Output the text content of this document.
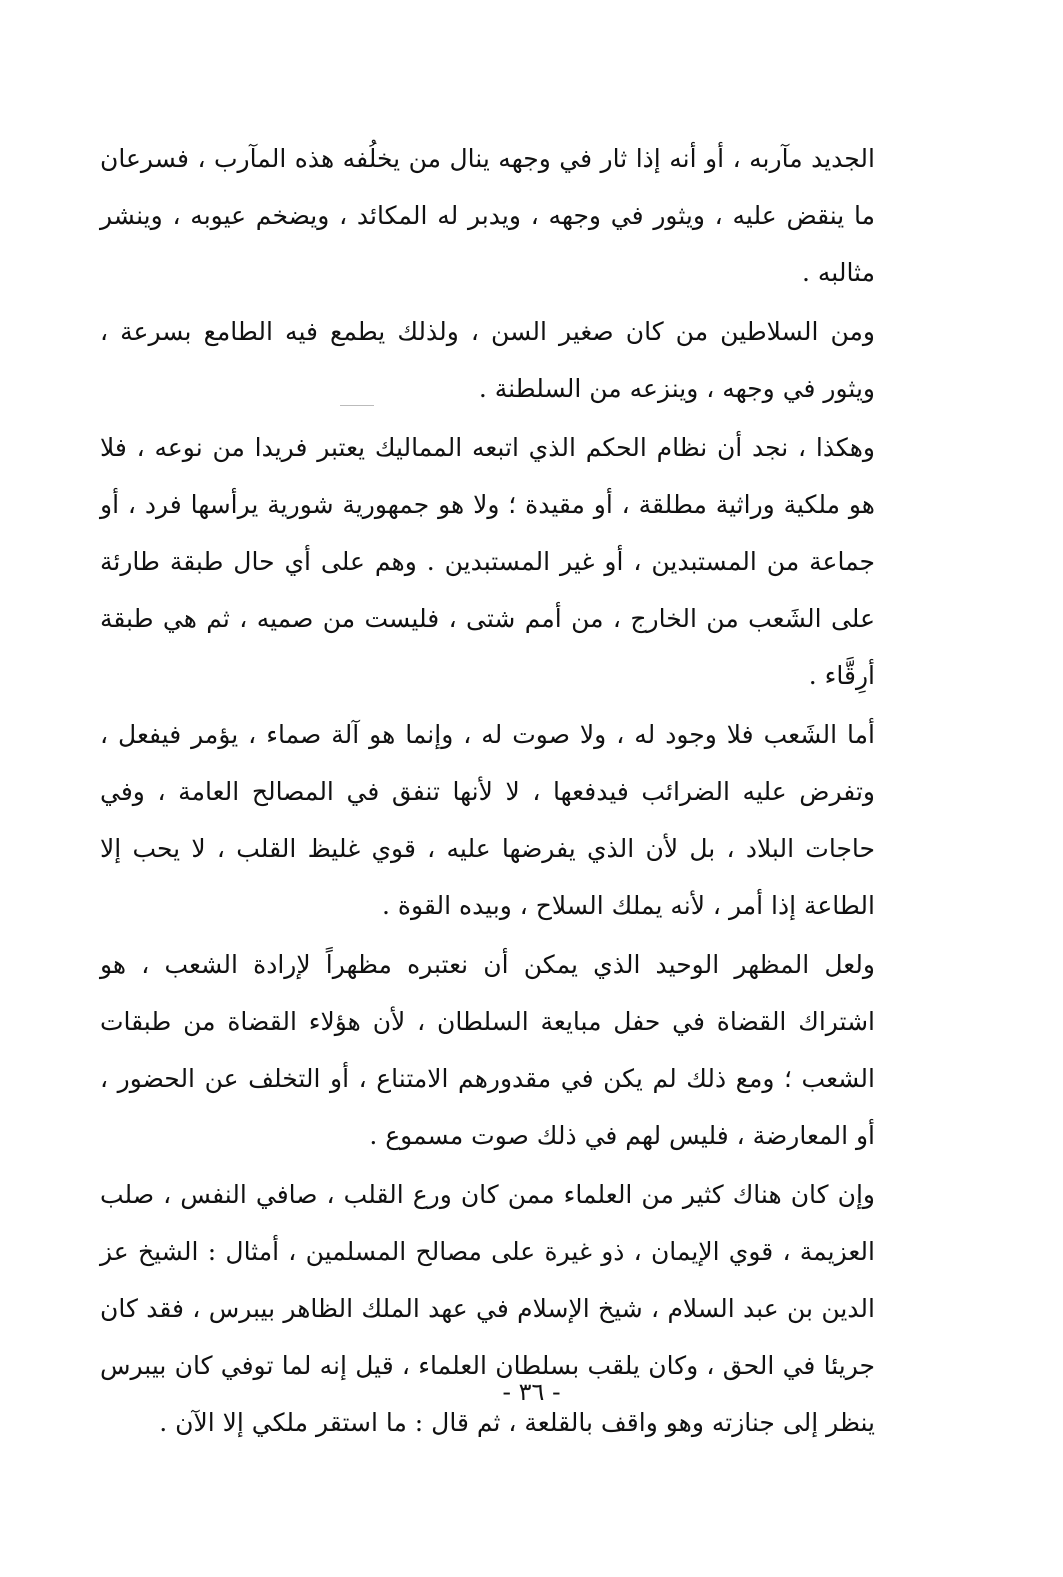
الجديد مآربه ، أو أنه إذا ثار في وجهه ينال من يخلُفه هذه المآرب ، فسرعان ما ينقض عليه ، ويثور في وجهه ، ويدبر له المكائد ، ويضخم عيوبه ، وينشر مثالبه .

ومن السلاطين من كان صغير السن ، ولذلك يطمع فيه الطامع بسرعة ، ويثور في وجهه ، وينزعه من السلطنة .

وهكذا ، نجد أن نظام الحكم الذي اتبعه المماليك يعتبر فريدا من نوعه ، فلا هو ملكية وراثية مطلقة ، أو مقيدة ؛ ولا هو جمهورية شورية يرأسها فرد ، أو جماعة من المستبدين ، أو غير المستبدين . وهم على أي حال طبقة طارئة على الشَعب من الخارج ، من أمم شتى ، فليست من صميه ، ثم هي طبقة أرِقَّاء .

أما الشَعب فلا وجود له ، ولا صوت له ، وإنما هو آلة صماء ، يؤمر فيفعل ، وتفرض عليه الضرائب فيدفعها ، لا لأنها تنفق في المصالح العامة ، وفي حاجات البلاد ، بل لأن الذي يفرضها عليه ، قوي غليظ القلب ، لا يحب إلا الطاعة إذا أمر ، لأنه يملك السلاح ، وبيده القوة .

ولعل المظهر الوحيد الذي يمكن أن نعتبره مظهراً لإرادة الشعب ، هو اشتراك القضاة في حفل مبايعة السلطان ، لأن هؤلاء القضاة من طبقات الشعب ؛ ومع ذلك لم يكن في مقدورهم الامتناع ، أو التخلف عن الحضور ، أو المعارضة ، فليس لهم في ذلك صوت مسموع .

وإن كان هناك كثير من العلماء ممن كان ورع القلب ، صافي النفس ، صلب العزيمة ، قوي الإيمان ، ذو غيرة على مصالح المسلمين ، أمثال : الشيخ عز الدين بن عبد السلام ، شيخ الإسلام في عهد الملك الظاهر بيبرس ، فقد كان جريئا في الحق ، وكان يلقب بسلطان العلماء ، قيل إنه لما توفي كان بيبرس ينظر إلى جنازته وهو واقف بالقلعة ، ثم قال : ما استقر ملكي إلا الآن .

- ٣٦ -
